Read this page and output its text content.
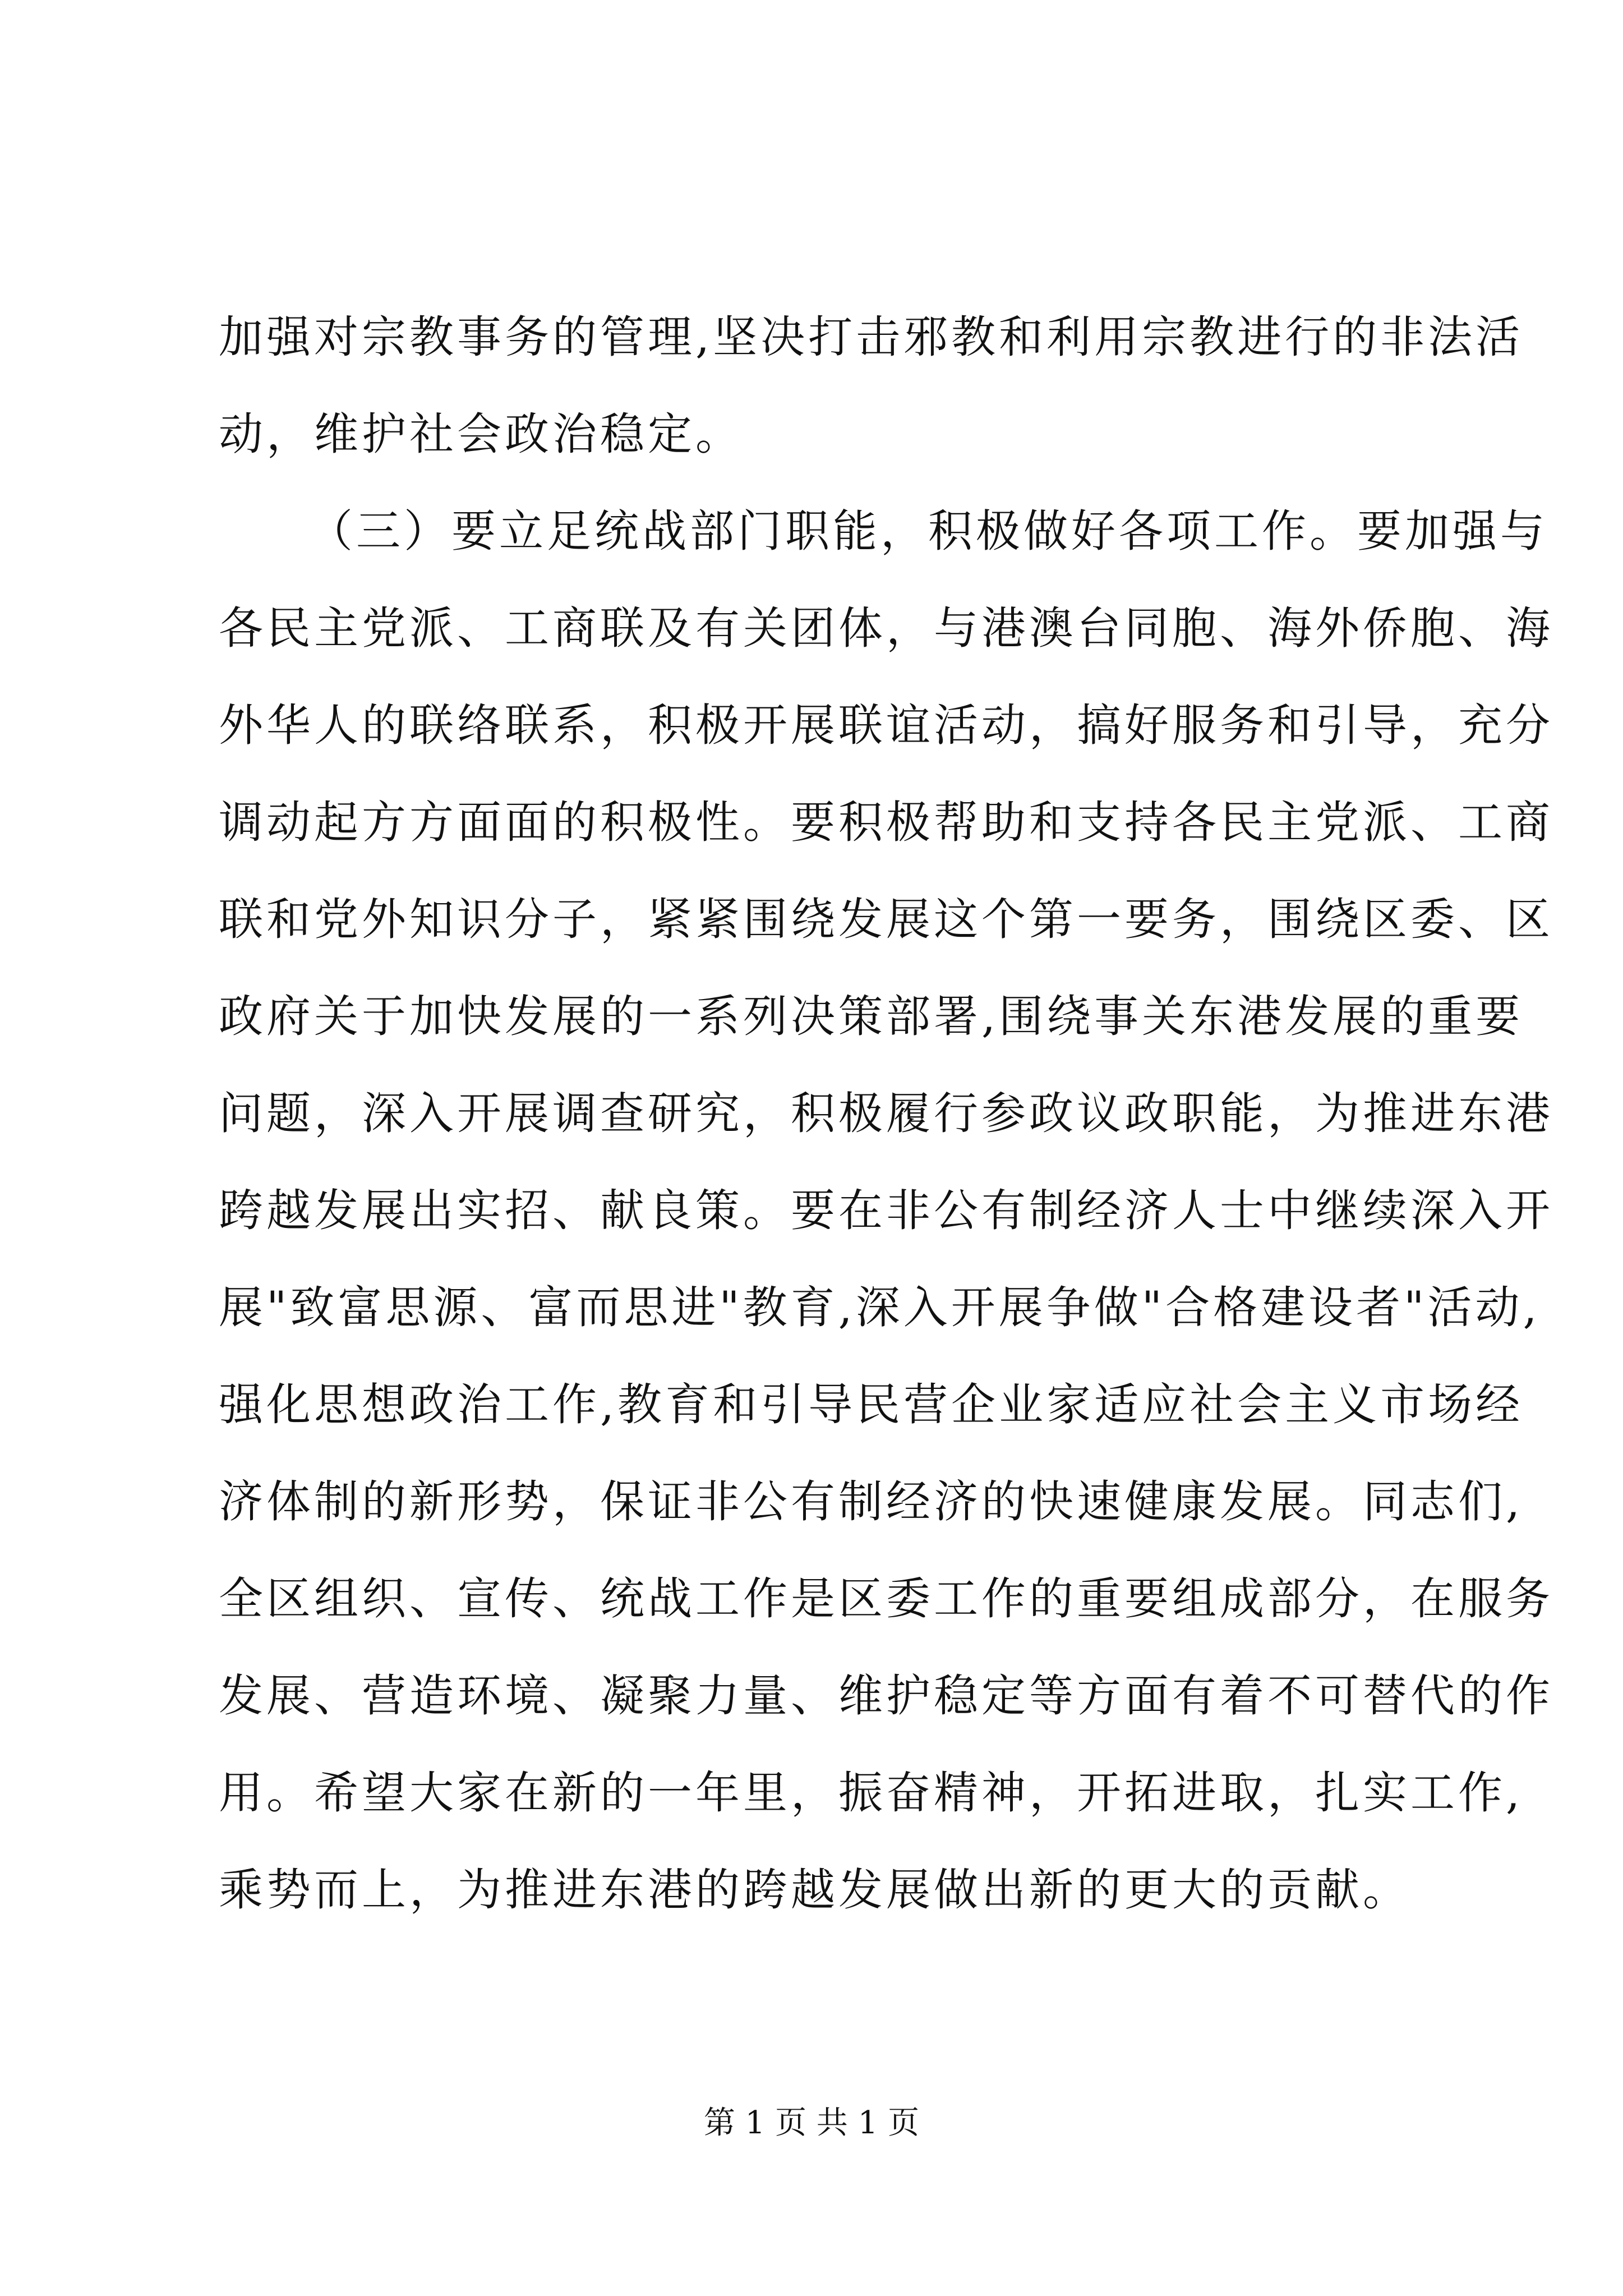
加强对宗教事务的管理,坚决打击邪教和利用宗教进行的非法活
动，维护社会政治稳定。
（三）要立足统战部门职能，积极做好各项工作。要加强与
各民主党派、工商联及有关团体，与港澳台同胞、海外侨胞、海
外华人的联络联系，积极开展联谊活动，搞好服务和引导，充分
调动起方方面面的积极性。要积极帮助和支持各民主党派、工商
联和党外知识分子，紧紧围绕发展这个第一要务，围绕区委、区
政府关于加快发展的一系列决策部署,围绕事关东港发展的重要
问题，深入开展调查研究，积极履行参政议政职能，为推进东港
跨越发展出实招、献良策。要在非公有制经济人士中继续深入开
展"致富思源、富而思进"教育,深入开展争做"合格建设者"活动,
强化思想政治工作,教育和引导民营企业家适应社会主义市场经
济体制的新形势，保证非公有制经济的快速健康发展。同志们,
全区组织、宣传、统战工作是区委工作的重要组成部分，在服务
发展、营造环境、凝聚力量、维护稳定等方面有着不可替代的作
用。希望大家在新的一年里，振奋精神，开拓进取，扎实工作,
乘势而上，为推进东港的跨越发展做出新的更大的贡献。
第 1 页 共 1 页
